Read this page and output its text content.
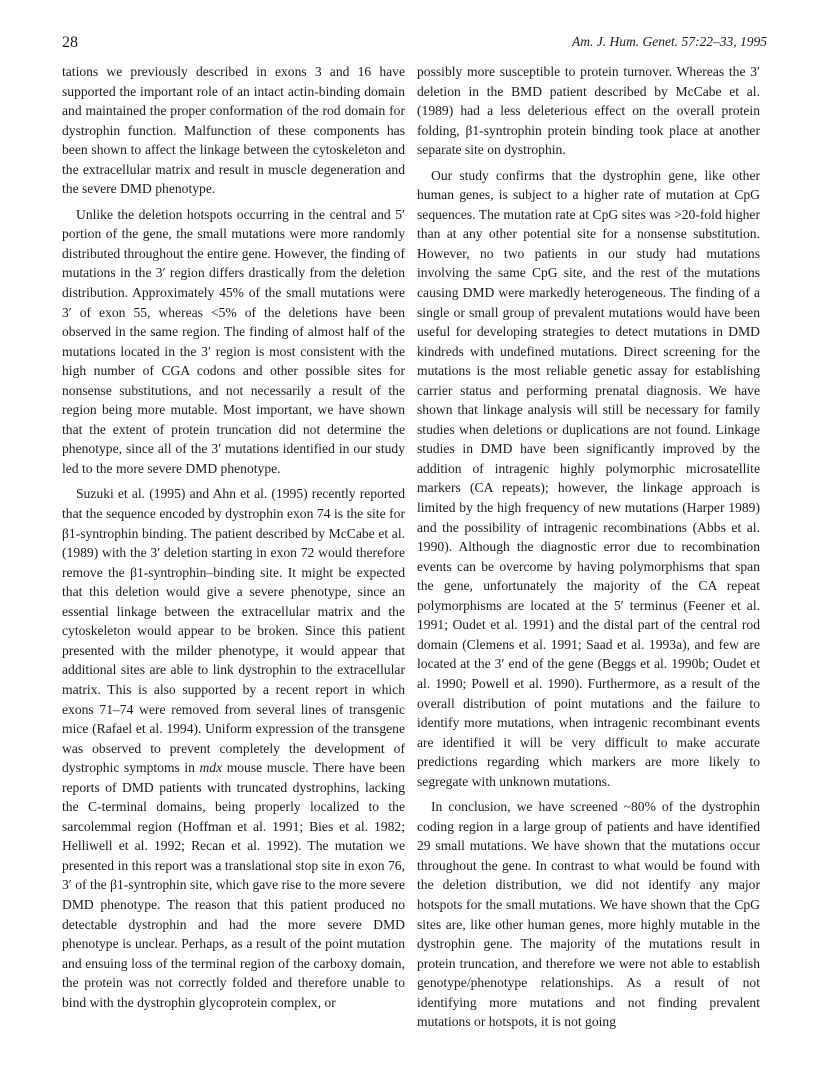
28	Am. J. Hum. Genet. 57:22–33, 1995

tations we previously described in exons 3 and 16 have supported the important role of an intact actin-binding domain and maintained the proper conformation of the rod domain for dystrophin function. Malfunction of these components has been shown to affect the linkage between the cytoskeleton and the extracellular matrix and result in muscle degeneration and the severe DMD phenotype.

Unlike the deletion hotspots occurring in the central and 5′ portion of the gene, the small mutations were more randomly distributed throughout the entire gene. However, the finding of mutations in the 3′ region differs drastically from the deletion distribution. Approximately 45% of the small mutations were 3′ of exon 55, whereas <5% of the deletions have been observed in the same region. The finding of almost half of the mutations located in the 3′ region is most consistent with the high number of CGA codons and other possible sites for nonsense substitutions, and not necessarily a result of the region being more mutable. Most important, we have shown that the extent of protein truncation did not determine the phenotype, since all of the 3′ mutations identified in our study led to the more severe DMD phenotype.

Suzuki et al. (1995) and Ahn et al. (1995) recently reported that the sequence encoded by dystrophin exon 74 is the site for β1-syntrophin binding. The patient described by McCabe et al. (1989) with the 3′ deletion starting in exon 72 would therefore remove the β1-syntrophin–binding site. It might be expected that this deletion would give a severe phenotype, since an essential linkage between the extracellular matrix and the cytoskeleton would appear to be broken. Since this patient presented with the milder phenotype, it would appear that additional sites are able to link dystrophin to the extracellular matrix. This is also supported by a recent report in which exons 71–74 were removed from several lines of transgenic mice (Rafael et al. 1994). Uniform expression of the transgene was observed to prevent completely the development of dystrophic symptoms in mdx mouse muscle. There have been reports of DMD patients with truncated dystrophins, lacking the C-terminal domains, being properly localized to the sarcolemmal region (Hoffman et al. 1991; Bies et al. 1982; Helliwell et al. 1992; Recan et al. 1992). The mutation we presented in this report was a translational stop site in exon 76, 3′ of the β1-syntrophin site, which gave rise to the more severe DMD phenotype. The reason that this patient produced no detectable dystrophin and had the more severe DMD phenotype is unclear. Perhaps, as a result of the point mutation and ensuing loss of the terminal region of the carboxy domain, the protein was not correctly folded and therefore unable to bind with the dystrophin glycoprotein complex, or

possibly more susceptible to protein turnover. Whereas the 3′ deletion in the BMD patient described by McCabe et al. (1989) had a less deleterious effect on the overall protein folding, β1-syntrophin protein binding took place at another separate site on dystrophin.

Our study confirms that the dystrophin gene, like other human genes, is subject to a higher rate of mutation at CpG sequences. The mutation rate at CpG sites was >20-fold higher than at any other potential site for a nonsense substitution. However, no two patients in our study had mutations involving the same CpG site, and the rest of the mutations causing DMD were markedly heterogeneous. The finding of a single or small group of prevalent mutations would have been useful for developing strategies to detect mutations in DMD kindreds with undefined mutations. Direct screening for the mutations is the most reliable genetic assay for establishing carrier status and performing prenatal diagnosis. We have shown that linkage analysis will still be necessary for family studies when deletions or duplications are not found. Linkage studies in DMD have been significantly improved by the addition of intragenic highly polymorphic microsatellite markers (CA repeats); however, the linkage approach is limited by the high frequency of new mutations (Harper 1989) and the possibility of intragenic recombinations (Abbs et al. 1990). Although the diagnostic error due to recombination events can be overcome by having polymorphisms that span the gene, unfortunately the majority of the CA repeat polymorphisms are located at the 5′ terminus (Feener et al. 1991; Oudet et al. 1991) and the distal part of the central rod domain (Clemens et al. 1991; Saad et al. 1993a), and few are located at the 3′ end of the gene (Beggs et al. 1990b; Oudet et al. 1990; Powell et al. 1990). Furthermore, as a result of the overall distribution of point mutations and the failure to identify more mutations, when intragenic recombinant events are identified it will be very difficult to make accurate predictions regarding which markers are more likely to segregate with unknown mutations.

In conclusion, we have screened ~80% of the dystrophin coding region in a large group of patients and have identified 29 small mutations. We have shown that the mutations occur throughout the gene. In contrast to what would be found with the deletion distribution, we did not identify any major hotspots for the small mutations. We have shown that the CpG sites are, like other human genes, more highly mutable in the dystrophin gene. The majority of the mutations result in protein truncation, and therefore we were not able to establish genotype/phenotype relationships. As a result of not identifying more mutations and not finding prevalent mutations or hotspots, it is not going
